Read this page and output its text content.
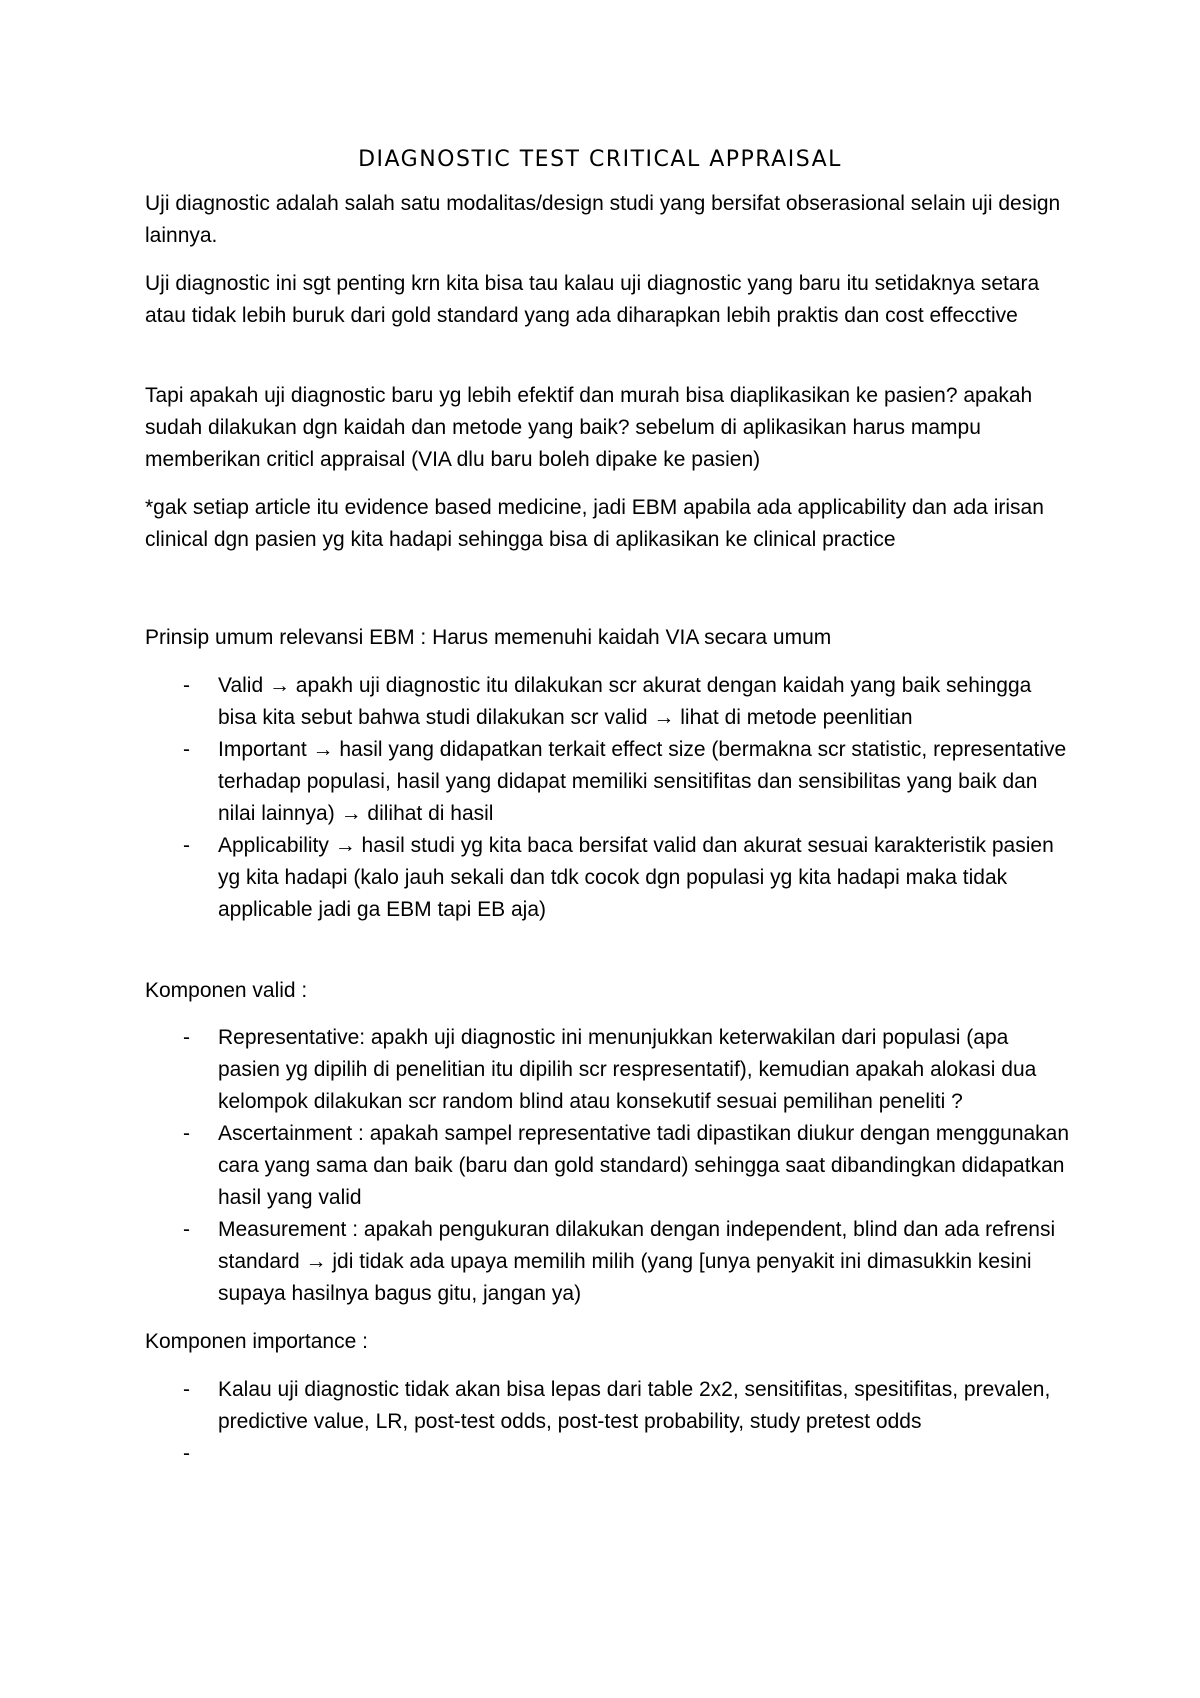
DIAGNOSTIC TEST CRITICAL APPRAISAL

Uji diagnostic adalah salah satu modalitas/design studi yang bersifat obserasional selain uji design lainnya.

Uji diagnostic ini sgt penting krn kita bisa tau kalau uji diagnostic yang baru itu setidaknya setara atau tidak lebih buruk dari gold standard yang ada diharapkan lebih praktis dan cost effecctive

Tapi apakah uji diagnostic baru yg lebih efektif dan murah bisa diaplikasikan ke pasien? apakah sudah dilakukan dgn kaidah dan metode yang baik? sebelum di aplikasikan harus mampu memberikan criticl appraisal (VIA dlu baru boleh dipake ke pasien)

*gak setiap article itu evidence based medicine, jadi EBM apabila ada applicability dan ada irisan clinical dgn pasien yg kita hadapi sehingga bisa di aplikasikan ke clinical practice

Prinsip umum relevansi EBM : Harus memenuhi kaidah VIA secara umum

- Valid → apakh uji diagnostic itu dilakukan scr akurat dengan kaidah yang baik sehingga bisa kita sebut bahwa studi dilakukan scr valid → lihat di metode peenlitian
- Important → hasil yang didapatkan terkait effect size (bermakna scr statistic, representative terhadap populasi, hasil yang didapat memiliki sensitifitas dan sensibilitas yang baik dan nilai lainnya) → dilihat di hasil
- Applicability → hasil studi yg kita baca bersifat valid dan akurat sesuai karakteristik pasien yg kita hadapi (kalo jauh sekali dan tdk cocok dgn populasi yg kita hadapi maka tidak applicable jadi ga EBM tapi EB aja)

Komponen valid :

- Representative: apakh uji diagnostic ini menunjukkan keterwakilan dari populasi (apa pasien yg dipilih di penelitian itu dipilih scr respresentatif), kemudian apakah alokasi dua kelompok dilakukan scr random blind atau konsekutif sesuai pemilihan peneliti ?
- Ascertainment : apakah sampel representative tadi dipastikan diukur dengan menggunakan cara yang sama dan baik (baru dan gold standard) sehingga saat dibandingkan didapatkan hasil yang valid
- Measurement : apakah pengukuran dilakukan dengan independent, blind dan ada refrensi standard → jdi tidak ada upaya memilih milih (yang [unya penyakit ini dimasukkin kesini supaya hasilnya bagus gitu, jangan ya)

Komponen importance :

- Kalau uji diagnostic tidak akan bisa lepas dari table 2x2, sensitifitas, spesitifitas, prevalen, predictive value, LR, post-test odds, post-test probability, study pretest odds
-
